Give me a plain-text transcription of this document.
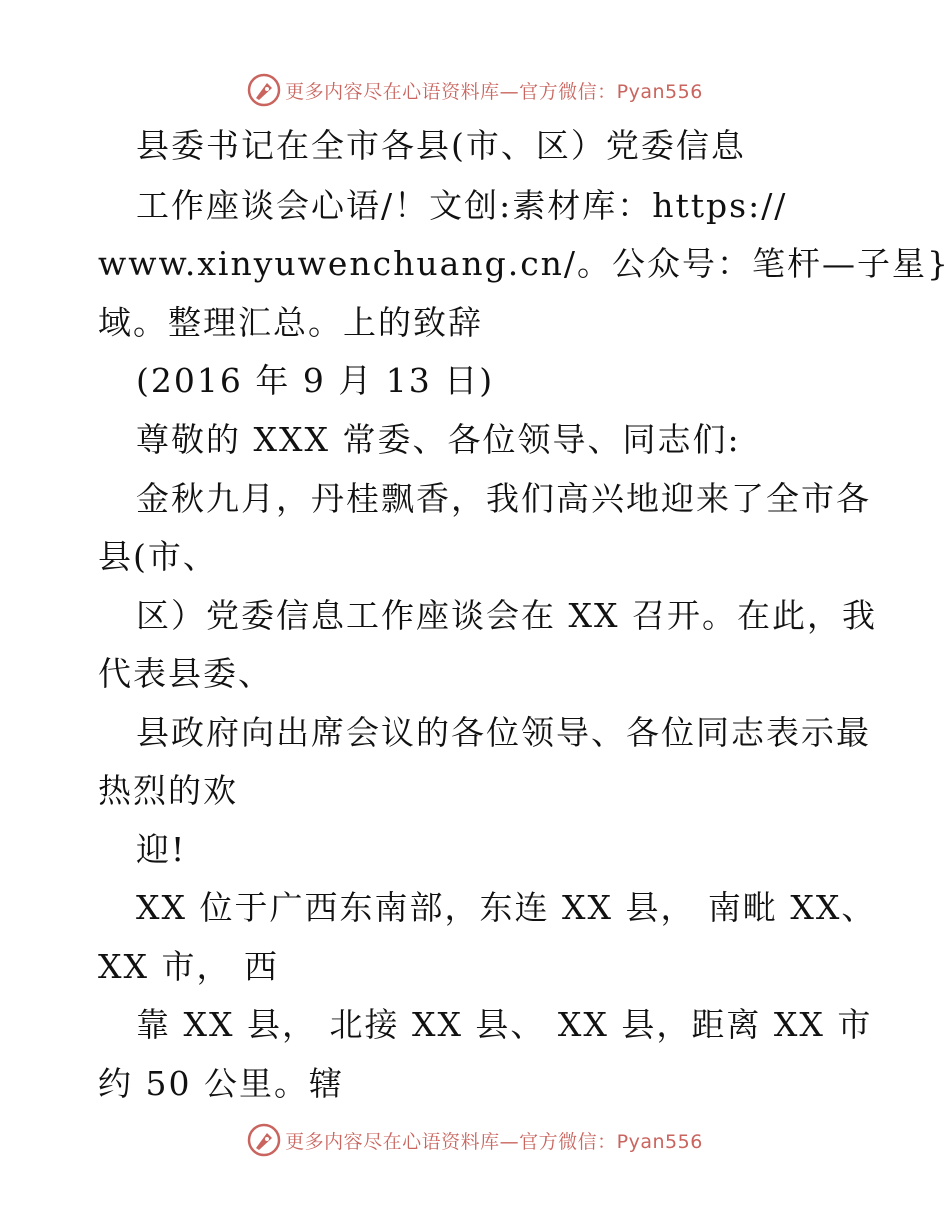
更多内容尽在心语资料库—官方微信：Pyan556
县委书记在全市各县(市、区）党委信息
工作座谈会心语/！文创:素材库：https://
www.xinyuwenchuang.cn/。公众号：笔杆—子星}
域。整理汇总。上的致辞
(2016 年 9 月 13 日)
尊敬的 XXX 常委、各位领导、同志们:
金秋九月，丹桂飘香，我们高兴地迎来了全市各
县(市、
区）党委信息工作座谈会在 XX 召开。在此，我
代表县委、
县政府向出席会议的各位领导、各位同志表示最
热烈的欢
迎!
XX 位于广西东南部，东连 XX 县， 南毗 XX、
XX 市， 西
靠 XX 县， 北接 XX 县、 XX 县，距离 XX 市
约 50 公里。辖
更多内容尽在心语资料库—官方微信：Pyan556
